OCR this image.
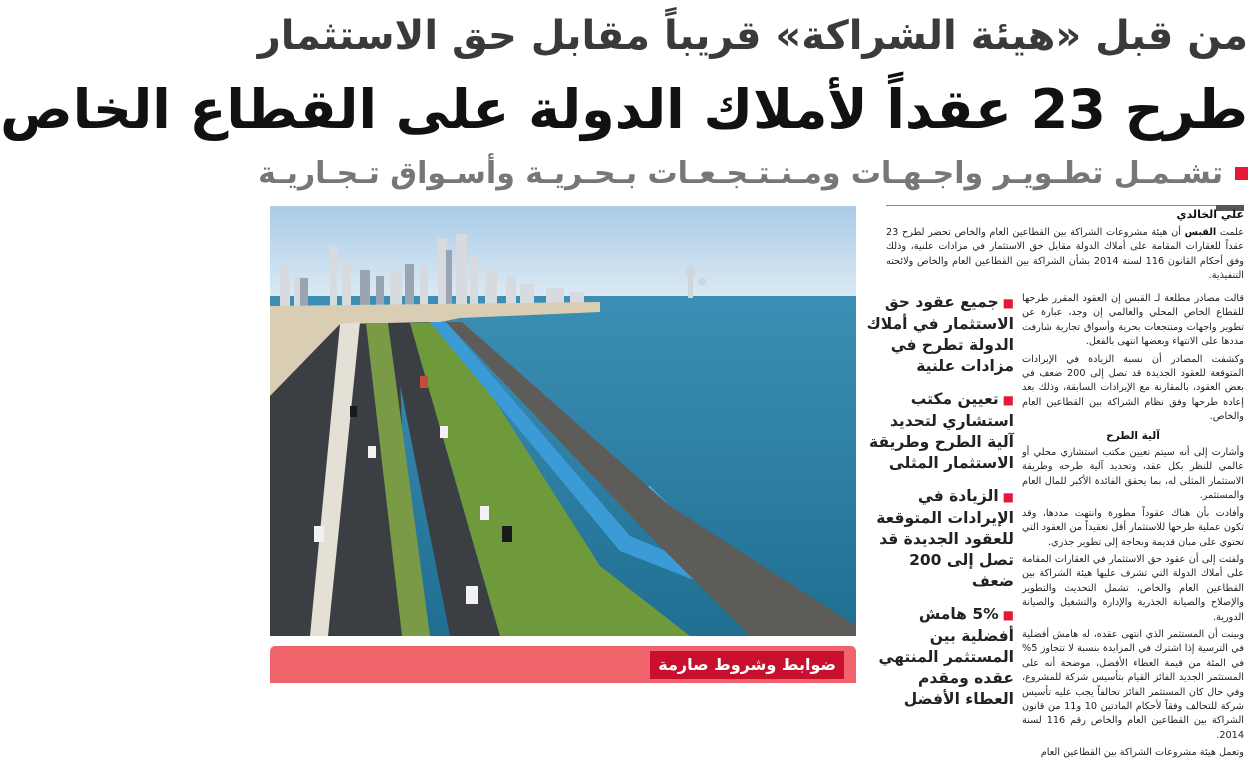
من قبل «هيئة الشراكة» قريباً مقابل حق الاستثمار
طرح 23 عقداً لأملاك الدولة على القطاع الخاص
تشـمـل تطـويـر واجـهـات ومـنـتـجـعـات بـحـريـة وأسـواق تـجـاريـة
ضوابط وشروط صارمة
علي الخالدي
علمت القبس أن هيئة مشروعات الشراكة بين القطاعين العام والخاص تحضر لطرح 23 عقداً للعقارات المقامة على أملاك الدولة مقابل حق الاستثمار في مزادات علنية، وذلك وفق أحكام القانون 116 لسنة 2014 بشأن الشراكة بين القطاعين العام والخاص ولائحته التنفيذية.
■جميع عقود حق الاستثمار في أملاك الدولة تطرح في مزادات علنية
■تعيين مكتب استشاري لتحديد آلية الطرح وطريقة الاستثمار المثلى
■الزيادة في الإيرادات المتوقعة للعقود الجديدة قد تصل إلى 200 ضعف
■5% هامش أفضلية بين المستثمر المنتهي عقده ومقدم العطاء الأفضل

قالت مصادر مطلعة لـ القبس إن العقود المقرر طرحها للقطاع الخاص المحلي والعالمي إن وجد، عبارة عن تطوير واجهات ومنتجعات بحرية وأسواق تجارية شارفت مددها على الانتهاء وبعضها انتهى بالفعل.

وكشفت المصادر أن نسبة الزيادة في الإيرادات المتوقعة للعقود الجديدة قد تصل إلى 200 ضعف في بعض العقود، بالمقارنة مع الإيرادات السابقة، وذلك بعد إعادة طرحها وفق نظام الشراكة بين القطاعين العام والخاص.

آلية الطرح

وأشارت إلى أنه سيتم تعيين مكتب استشاري محلي أو عالمي للنظر بكل عقد، وتحديد آلية طرحه وطريقة الاستثمار المثلى له، بما يحقق الفائدة الأكبر للمال العام والمستثمر.

وأفادت بأن هناك عقوداً مطورة وانتهت مددها، وقد تكون عملية طرحها للاستثمار أقل تعقيداً من العقود التي تحتوي على مبان قديمة وبحاجة إلى تطوير جذري.

ولفتت إلى أن عقود حق الاستثمار في العقارات المقامة على أملاك الدولة التي تشرف عليها هيئة الشراكة بين القطاعين العام والخاص، تشمل التحديث والتطوير والإصلاح والصيانة الجذرية والإدارة والتشغيل والصيانة الدورية.

وبينت أن المستثمر الذي انتهى عقده، له هامش أفضلية في الترسية إذا اشترك في المزايدة بنسبة لا تتجاوز 5% في المئة من قيمة العطاء الأفضل، موضحة أنه على المستثمر الجديد الفائز القيام بتأسيس شركة للمشروع، وفي حال كان المستثمر الفائز تحالفاً يجب عليه تأسيس شركة للتحالف وفقاً لأحكام المادتين 10 و11 من قانون الشراكة بين القطاعين العام والخاص رقم 116 لسنة 2014.

وتعمل هيئة مشروعات الشراكة بين القطاعين العام
